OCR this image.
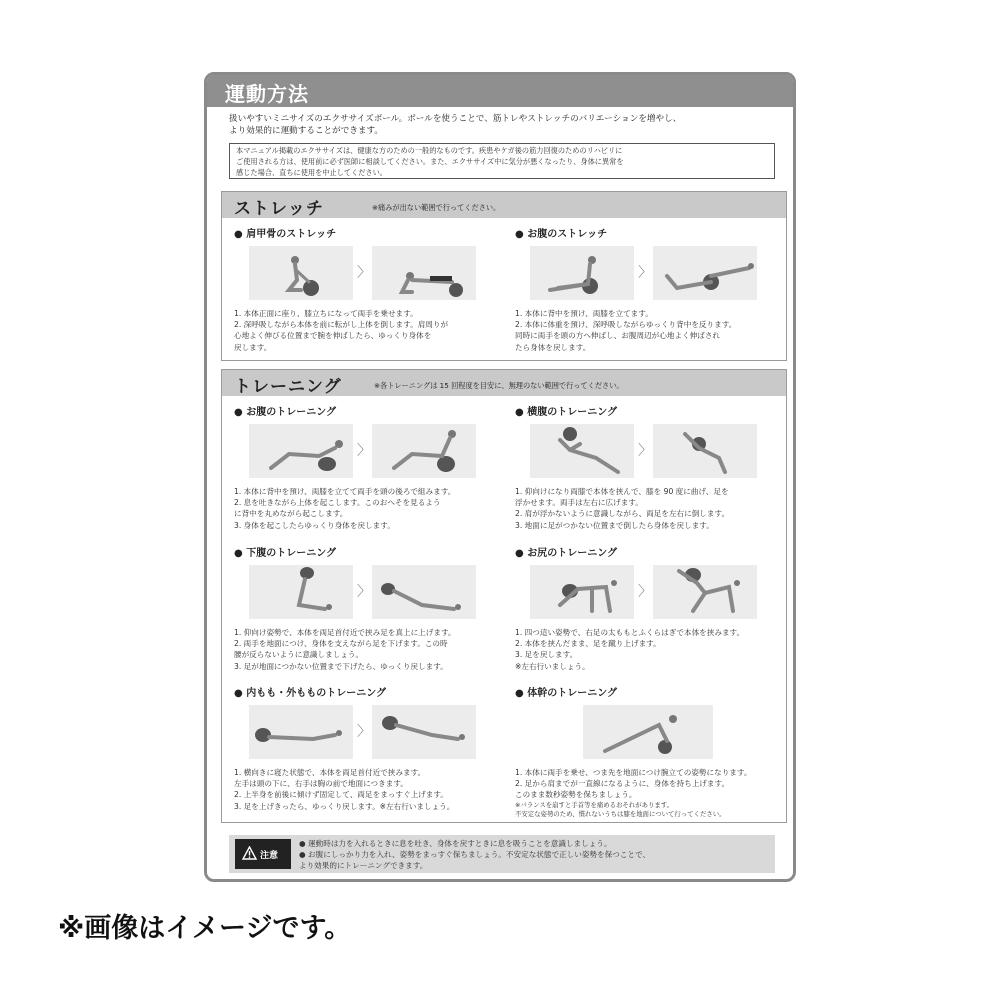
運動方法
扱いやすいミニサイズのエクササイズボール。ボールを使うことで、筋トレやストレッチのバリエーションを増やし、
より効果的に運動することができます。
本マニュアル掲載のエクササイズは、健康な方のための一般的なものです。疾患やケガ後の筋力回復のためのリハビリに
ご使用される方は、使用前に必ず医師に相談してください。また、エクササイズ中に気分が悪くなったり、身体に異常を
感じた場合、直ちに使用を中止してください。
ストレッチ	※痛みが出ない範囲で行ってください。
● 肩甲骨のストレッチ
〉
1. 本体正面に座り、膝立ちになって両手を乗せます。
2. 深呼吸しながら本体を前に転がし上体を倒します。肩周りが
心地よく伸びる位置まで腕を伸ばしたら、ゆっくり身体を
戻します。
● お腹のストレッチ
〉
1. 本体に背中を預け、両膝を立てます。
2. 本体に体重を預け、深呼吸しながらゆっくり背中を反ります。
同時に両手を頭の方へ伸ばし、お腹周辺が心地よく伸ばされ
たら身体を戻します。
トレーニング	※各トレーニングは 15 回程度を目安に、無理のない範囲で行ってください。
● お腹のトレーニング
〉
1. 本体に背中を預け、両膝を立てて両手を頭の後ろで組みます。
2. 息を吐きながら上体を起こします。このおへそを見るよう
に背中を丸めながら起こします。
3. 身体を起こしたらゆっくり身体を戻します。
● 横腹のトレーニング
〉
1. 仰向けになり両膝で本体を挟んで、膝を 90 度に曲げ、足を
浮かせます。両手は左右に広げます。
2. 肩が浮かないように意識しながら、両足を左右に倒します。
3. 地面に足がつかない位置まで倒したら身体を戻します。
● 下腹のトレーニング
〉
1. 仰向け姿勢で、本体を両足首付近で挟み足を真上に上げます。
2. 両手を地面につけ、身体を支えながら足を下げます。この時
腰が反らないように意識しましょう。
3. 足が地面につかない位置まで下げたら、ゆっくり戻します。
● お尻のトレーニング
〉
1. 四つ這い姿勢で、右足の太ももとふくらはぎで本体を挟みます。
2. 本体を挟んだまま、足を蹴り上げます。
3. 足を戻します。
※左右行いましょう。
● 内もも・外もものトレーニング
〉
1. 横向きに寝た状態で、本体を両足首付近で挟みます。
左手は頭の下に、右手は胸の前で地面につきます。
2. 上半身を前後に傾けず固定して、両足をまっすぐ上げます。
3. 足を上げきったら、ゆっくり戻します。※左右行いましょう。
● 体幹のトレーニング
1. 本体に両手を乗せ、つま先を地面につけ腕立ての姿勢になります。
2. 足から肩までが一直線になるように、身体を持ち上げます。
このまま数秒姿勢を保ちましょう。
※バランスを崩すと手首等を痛めるおそれがあります。
不安定な姿勢のため、慣れないうちは膝を地面について行ってください。
注意
● 運動時は力を入れるときに息を吐き、身体を戻すときに息を吸うことを意識しましょう。
● お腹にしっかり力を入れ、姿勢をまっすぐ保ちましょう。不安定な状態で正しい姿勢を保つことで、
より効果的にトレーニングできます。
※画像はイメージです。
